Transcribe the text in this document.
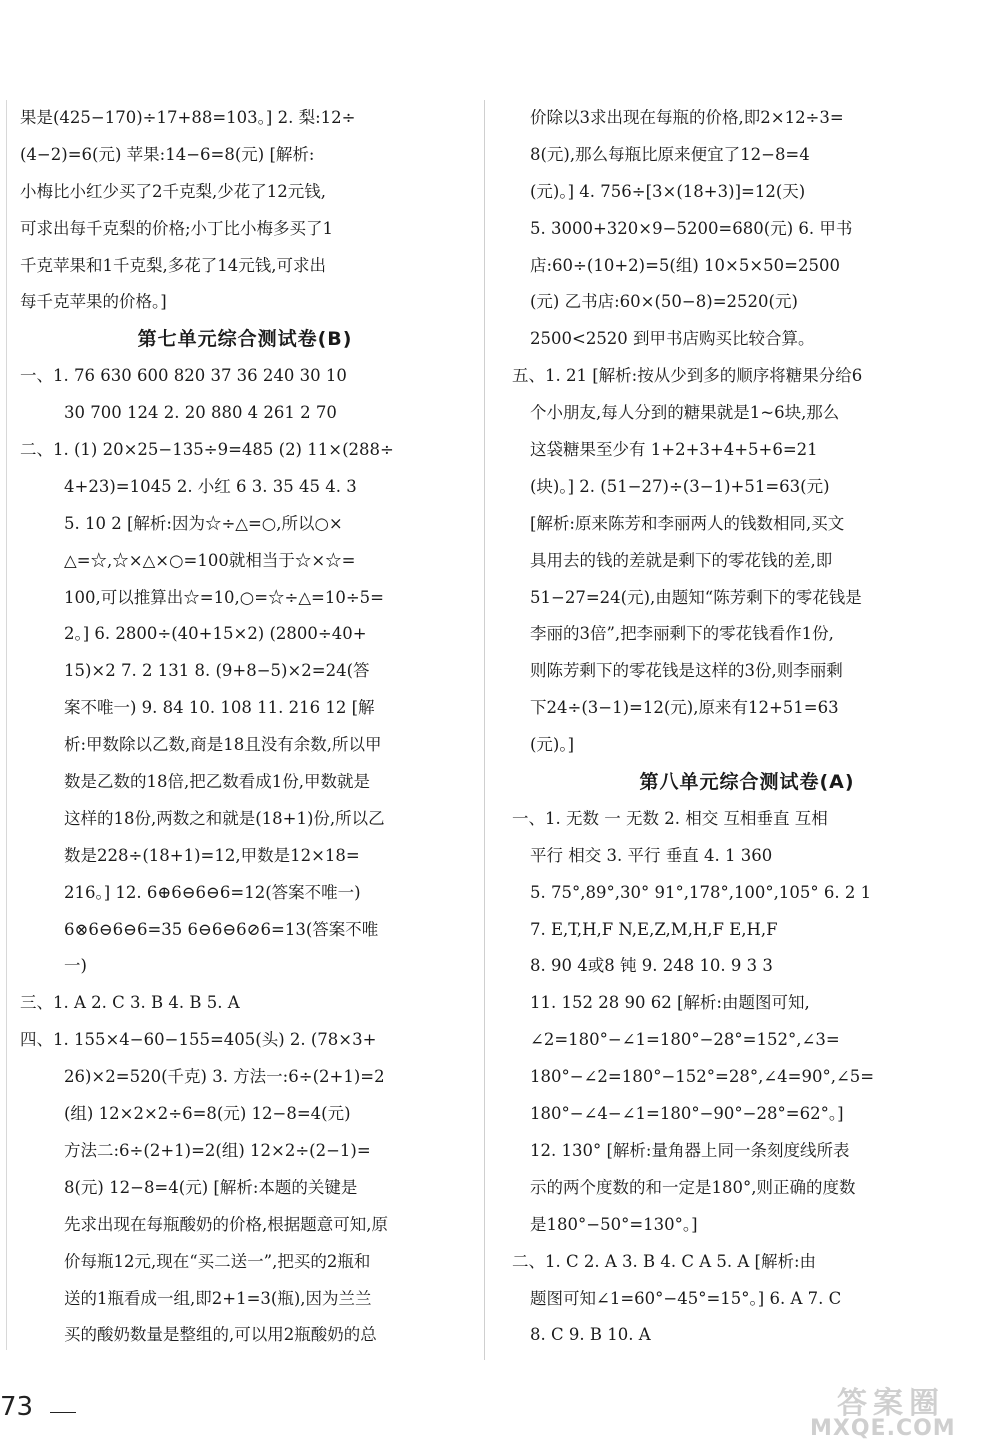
果是(425−170)÷17+88=103。] 2. 梨:12÷
(4−2)=6(元) 苹果:14−6=8(元) [解析:
小梅比小红少买了2千克梨,少花了12元钱,
可求出每千克梨的价格;小丁比小梅多买了1
千克苹果和1千克梨,多花了14元钱,可求出
每千克苹果的价格。]
第七单元综合测试卷(B)
一、1. 76 630 600 820 37 36 240 30 10
30 700 124 2. 20 880 4 261 2 70
二、1. (1) 20×25−135÷9=485 (2) 11×(288÷
4+23)=1045 2. 小红 6 3. 35 45 4. 3
5. 10 2 [解析:因为☆÷△=○,所以○×
△=☆,☆×△×○=100就相当于☆×☆=
100,可以推算出☆=10,○=☆÷△=10÷5=
2。] 6. 2800÷(40+15×2) (2800÷40+
15)×2 7. 2 131 8. (9+8−5)×2=24(答
案不唯一) 9. 84 10. 108 11. 216 12 [解
析:甲数除以乙数,商是18且没有余数,所以甲
数是乙数的18倍,把乙数看成1份,甲数就是
这样的18份,两数之和就是(18+1)份,所以乙
数是228÷(18+1)=12,甲数是12×18=
216。] 12. 6⊕6⊖6⊖6=12(答案不唯一)
6⊗6⊖6⊖6=35 6⊖6⊖6⊘6=13(答案不唯
一)
三、1. A 2. C 3. B 4. B 5. A
四、1. 155×4−60−155=405(头) 2. (78×3+
26)×2=520(千克) 3. 方法一:6÷(2+1)=2
(组) 12×2×2÷6=8(元) 12−8=4(元)
方法二:6÷(2+1)=2(组) 12×2÷(2−1)=
8(元) 12−8=4(元) [解析:本题的关键是
先求出现在每瓶酸奶的价格,根据题意可知,原
价每瓶12元,现在“买二送一”,把买的2瓶和
送的1瓶看成一组,即2+1=3(瓶),因为兰兰
买的酸奶数量是整组的,可以用2瓶酸奶的总
价除以3求出现在每瓶的价格,即2×12÷3=
8(元),那么每瓶比原来便宜了12−8=4
(元)。] 4. 756÷[3×(18+3)]=12(天)
5. 3000+320×9−5200=680(元) 6. 甲书
店:60÷(10+2)=5(组) 10×5×50=2500
(元) 乙书店:60×(50−8)=2520(元)
2500<2520 到甲书店购买比较合算。
五、1. 21 [解析:按从少到多的顺序将糖果分给6
个小朋友,每人分到的糖果就是1~6块,那么
这袋糖果至少有 1+2+3+4+5+6=21
(块)。] 2. (51−27)÷(3−1)+51=63(元)
[解析:原来陈芳和李丽两人的钱数相同,买文
具用去的钱的差就是剩下的零花钱的差,即
51−27=24(元),由题知“陈芳剩下的零花钱是
李丽的3倍”,把李丽剩下的零花钱看作1份,
则陈芳剩下的零花钱是这样的3份,则李丽剩
下24÷(3−1)=12(元),原来有12+51=63
(元)。]
第八单元综合测试卷(A)
一、1. 无数 一 无数 2. 相交 互相垂直 互相
平行 相交 3. 平行 垂直 4. 1 360
5. 75°,89°,30° 91°,178°,100°,105° 6. 2 1
7. E,T,H,F N,E,Z,M,H,F E,H,F
8. 90 4或8 钝 9. 248 10. 9 3 3
11. 152 28 90 62 [解析:由题图可知,
∠2=180°−∠1=180°−28°=152°,∠3=
180°−∠2=180°−152°=28°,∠4=90°,∠5=
180°−∠4−∠1=180°−90°−28°=62°。]
12. 130° [解析:量角器上同一条刻度线所表
示的两个度数的和一定是180°,则正确的度数
是180°−50°=130°。]
二、1. C 2. A 3. B 4. C A 5. A [解析:由
题图可知∠1=60°−45°=15°。] 6. A 7. C
8. C 9. B 10. A
73	答案圈
MXQE.COM
